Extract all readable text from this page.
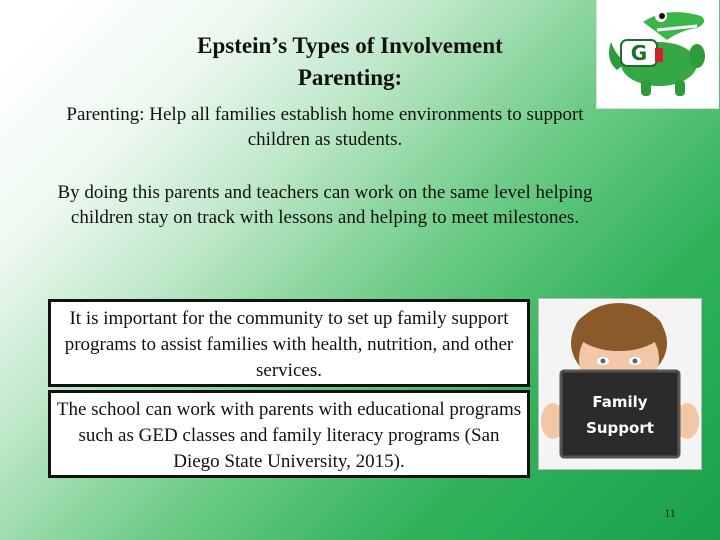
Epstein’s Types of Involvement
Parenting:
Parenting: Help all families establish home environments to support children as students.
By doing this parents and teachers can work on the same level helping children stay on track with lessons and helping to meet milestones.
It is important for the community to set up family support programs to assist families with health, nutrition, and other services.
The school can work with parents with educational programs such as GED classes and family literacy programs (San Diego State University, 2015).
G
Family
Support
11
